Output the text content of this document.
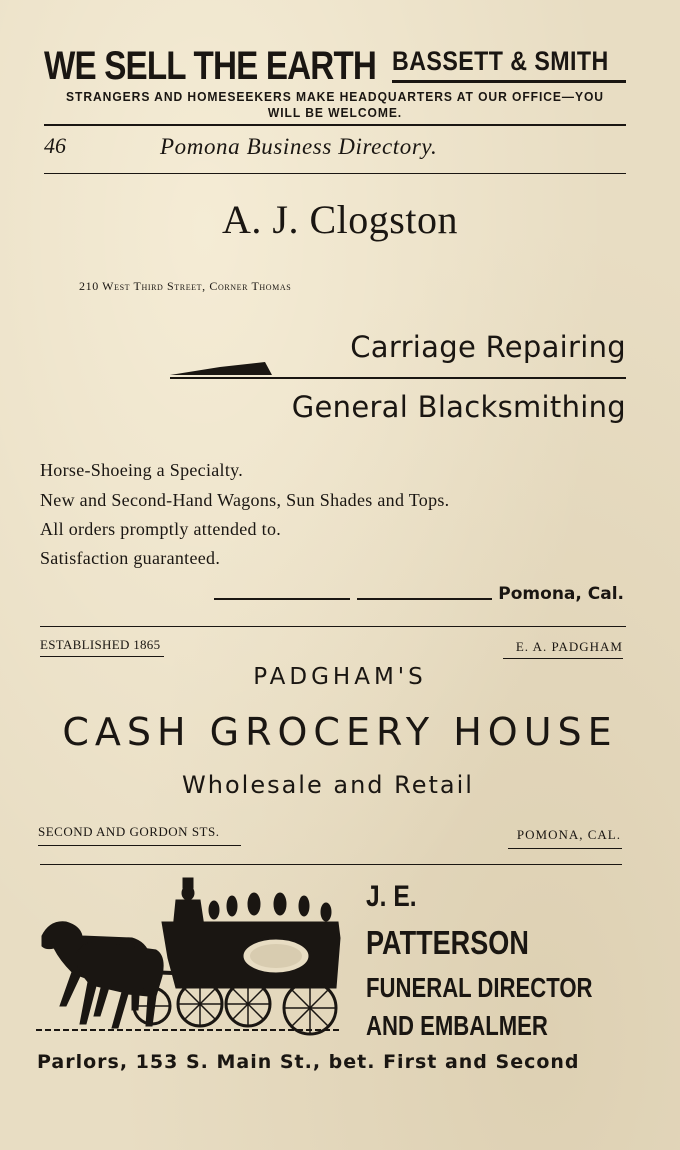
WE SELL THE EARTH BASSETT & SMITH

STRANGERS AND HOMESEEKERS MAKE HEADQUARTERS AT OUR OFFICE—YOU WILL BE WELCOME.

46	Pomona Business Directory.

A. J. Clogston

210 West Third Street, Corner Thomas

Carriage Repairing

General Blacksmithing

Horse-Shoeing a Specialty.

New and Second-Hand Wagons, Sun Shades and Tops.

All orders promptly attended to.

Satisfaction guaranteed.

Pomona, Cal.

ESTABLISHED 1865	E. A. PADGHAM

PADGHAM'S

CASH GROCERY HOUSE

Wholesale and Retail

SECOND AND GORDON STS.	POMONA, CAL.

J. E.

PATTERSON

FUNERAL DIRECTOR

AND EMBALMER

Parlors, 153 S. Main St., bet. First and Second
